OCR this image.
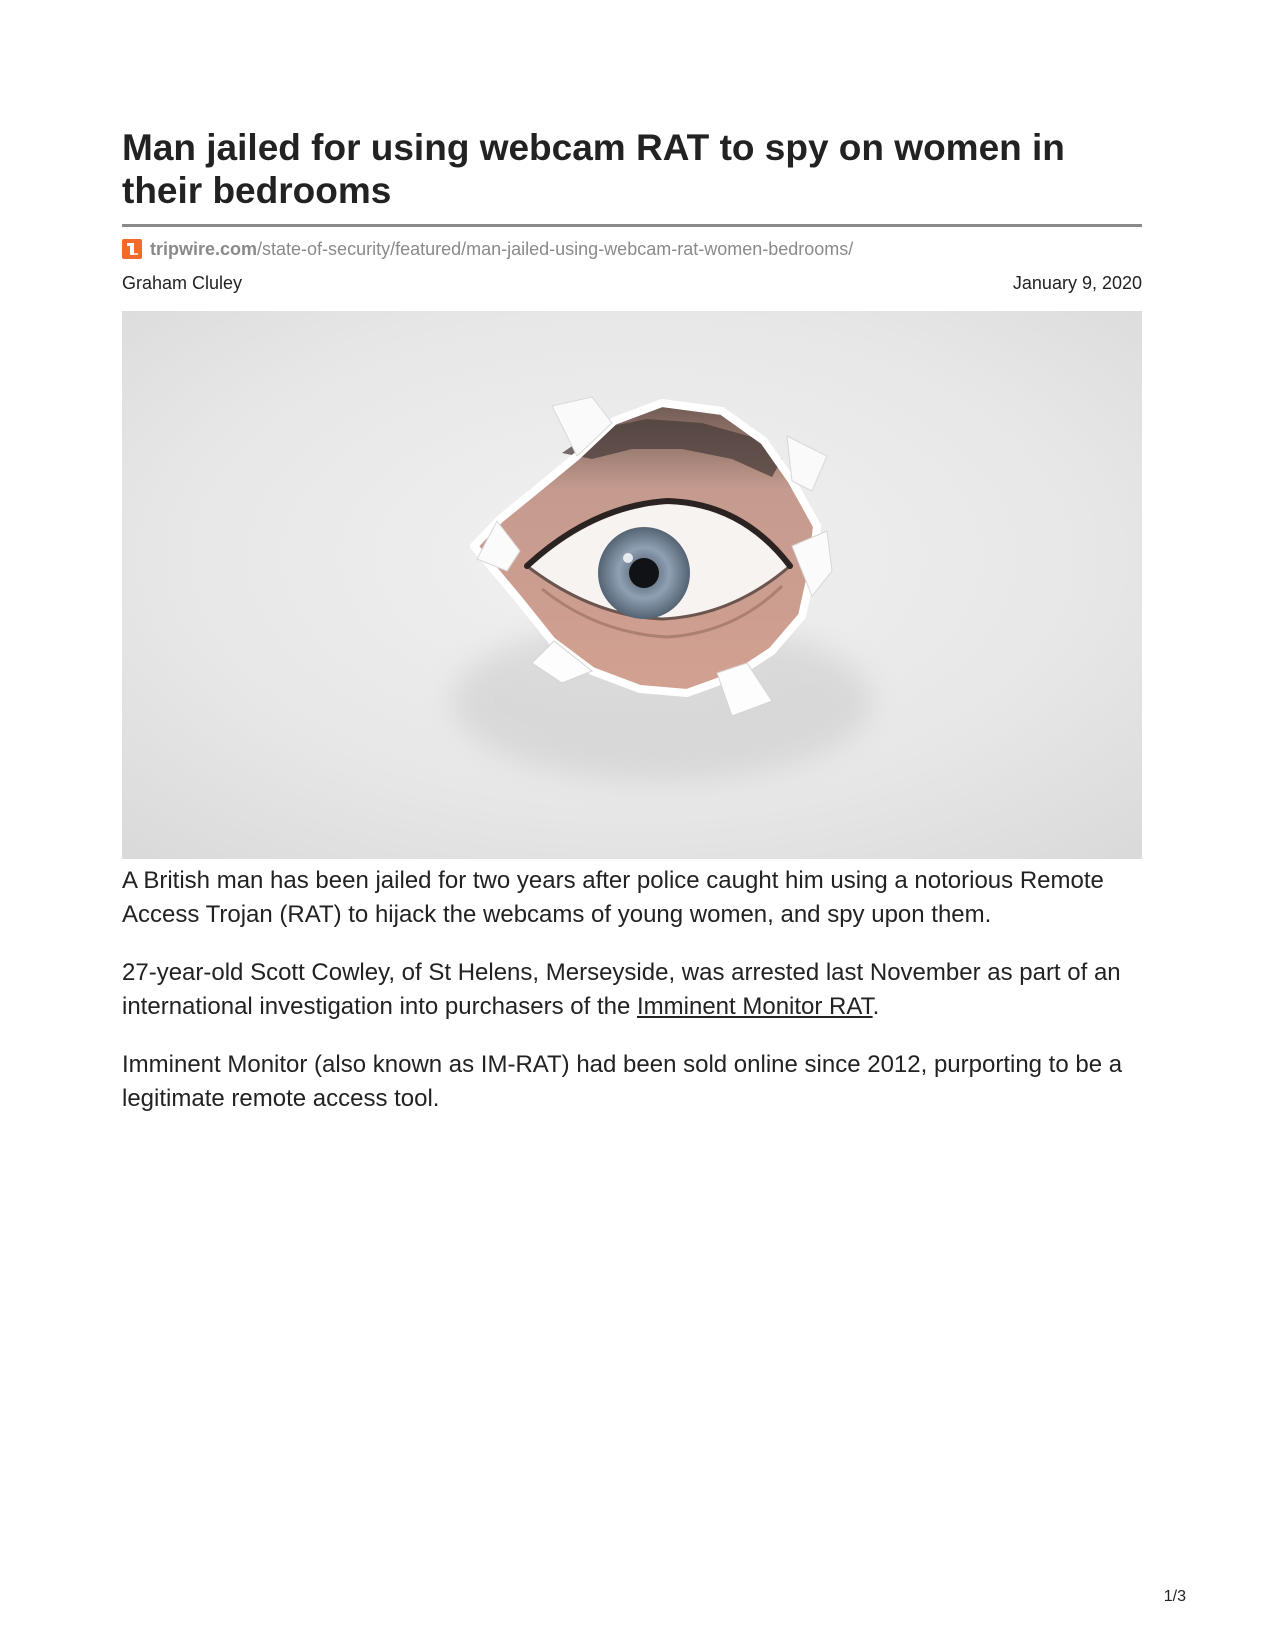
Man jailed for using webcam RAT to spy on women in their bedrooms
tripwire.com /state-of-security/featured/man-jailed-using-webcam-rat-women-bedrooms/
Graham Cluley	January 9, 2020

A British man has been jailed for two years after police caught him using a notorious Remote Access Trojan (RAT) to hijack the webcams of young women, and spy upon them.

27-year-old Scott Cowley, of St Helens, Merseyside, was arrested last November as part of an international investigation into purchasers of the Imminent Monitor RAT.

Imminent Monitor (also known as IM-RAT) had been sold online since 2012, purporting to be a legitimate remote access tool.

1/3
